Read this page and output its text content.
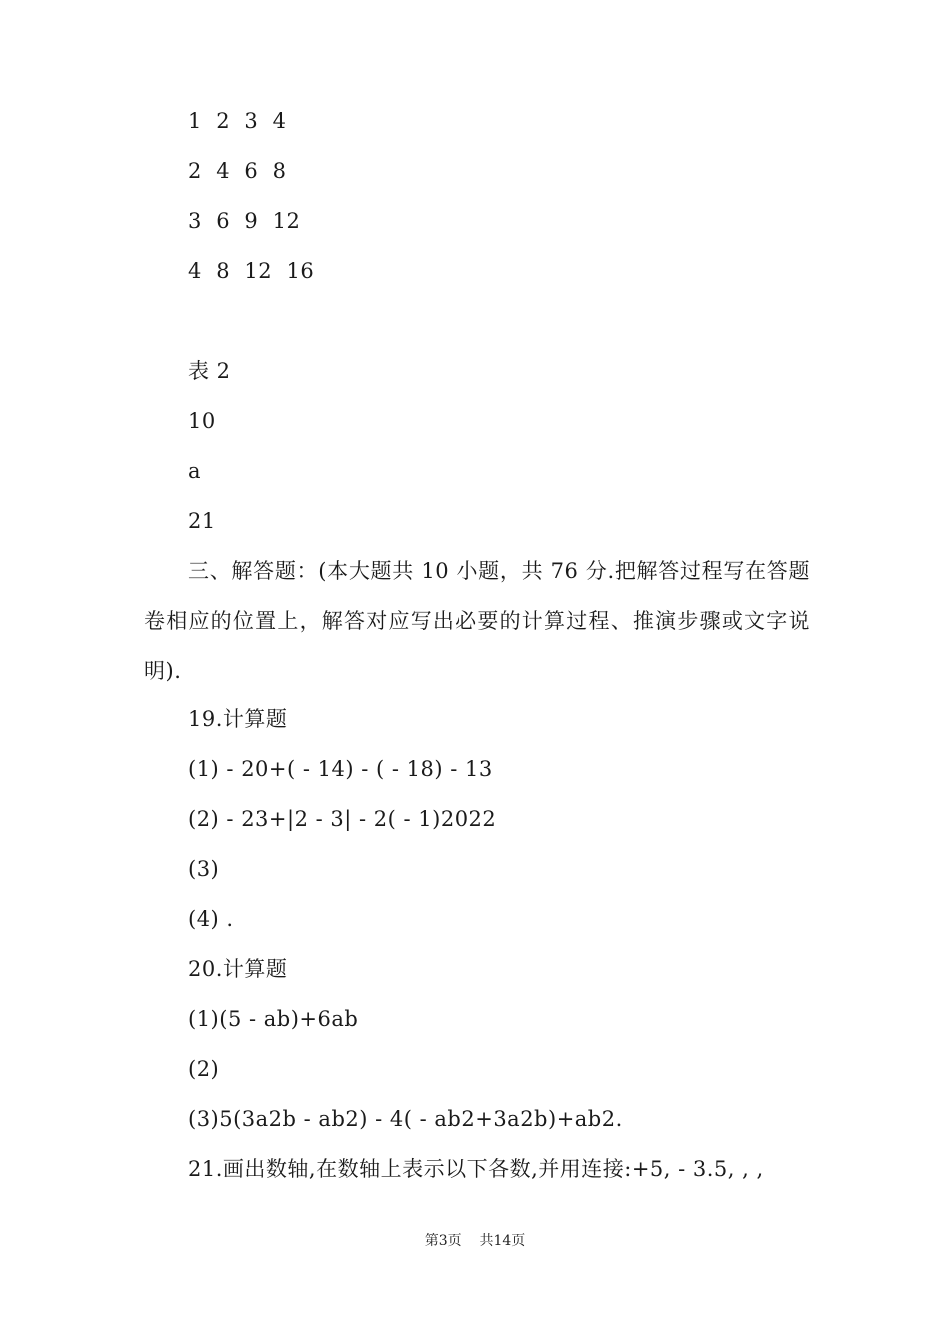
1  2  3  4
2  4  6  8
3  6  9  12
4  8  12  16
表 2
10
a
21

三、解答题：(本大题共 10 小题，共 76 分.把解答过程写在答题卷相应的位置上，解答对应写出必要的计算过程、推演步骤或文字说明).

19.计算题
(1) - 20+( - 14) - ( - 18) - 13
(2) - 23+|2 - 3| - 2( - 1)2022
(3)
(4) .
20.计算题
(1)(5 - ab)+6ab
(2)
(3)5(3a2b - ab2) - 4( - ab2+3a2b)+ab2.
21.画出数轴,在数轴上表示以下各数,并用连接:+5, - 3.5, , ,
第3页    共14页
